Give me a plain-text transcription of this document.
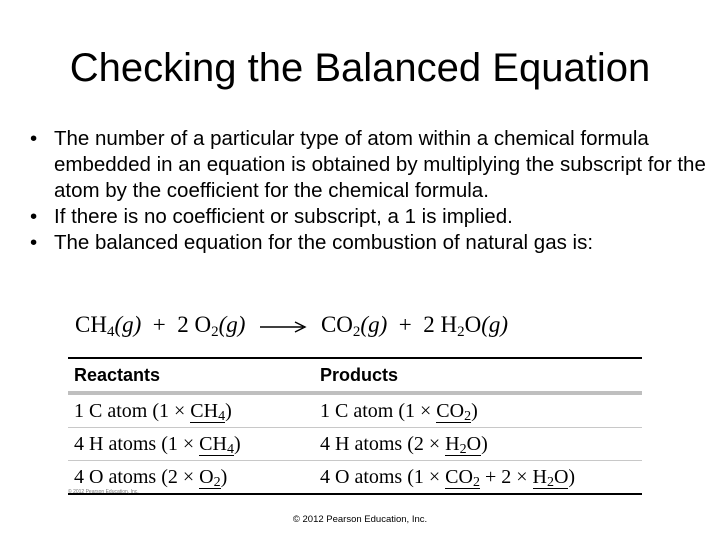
Checking the Balanced Equation
• The number of a particular type of atom within a chemical formula embedded in an equation is obtained by multiplying the subscript for the atom by the coefficient for the chemical formula.
• If there is no coefficient or subscript, a 1 is implied.
• The balanced equation for the combustion of natural gas is:
$CH_4(g) + 2$ $O_2(g) \to CO_2(g) + 2$ $H_2O(g)$
Reactants	Products
1 C atom $(1 \times CH_4)$	1 C atom $(1 \times CO_2)$
4 H atoms $(1 \times CH_4)$	4 H atoms $(2 \times H_2O)$
4 O atoms $(2 \times O_2)$	4 O atoms $(1 \times CO_2 + 2 \times H_2O)$
© 2012 Pearson Education, Inc.
© 2012 Pearson Education, Inc.
